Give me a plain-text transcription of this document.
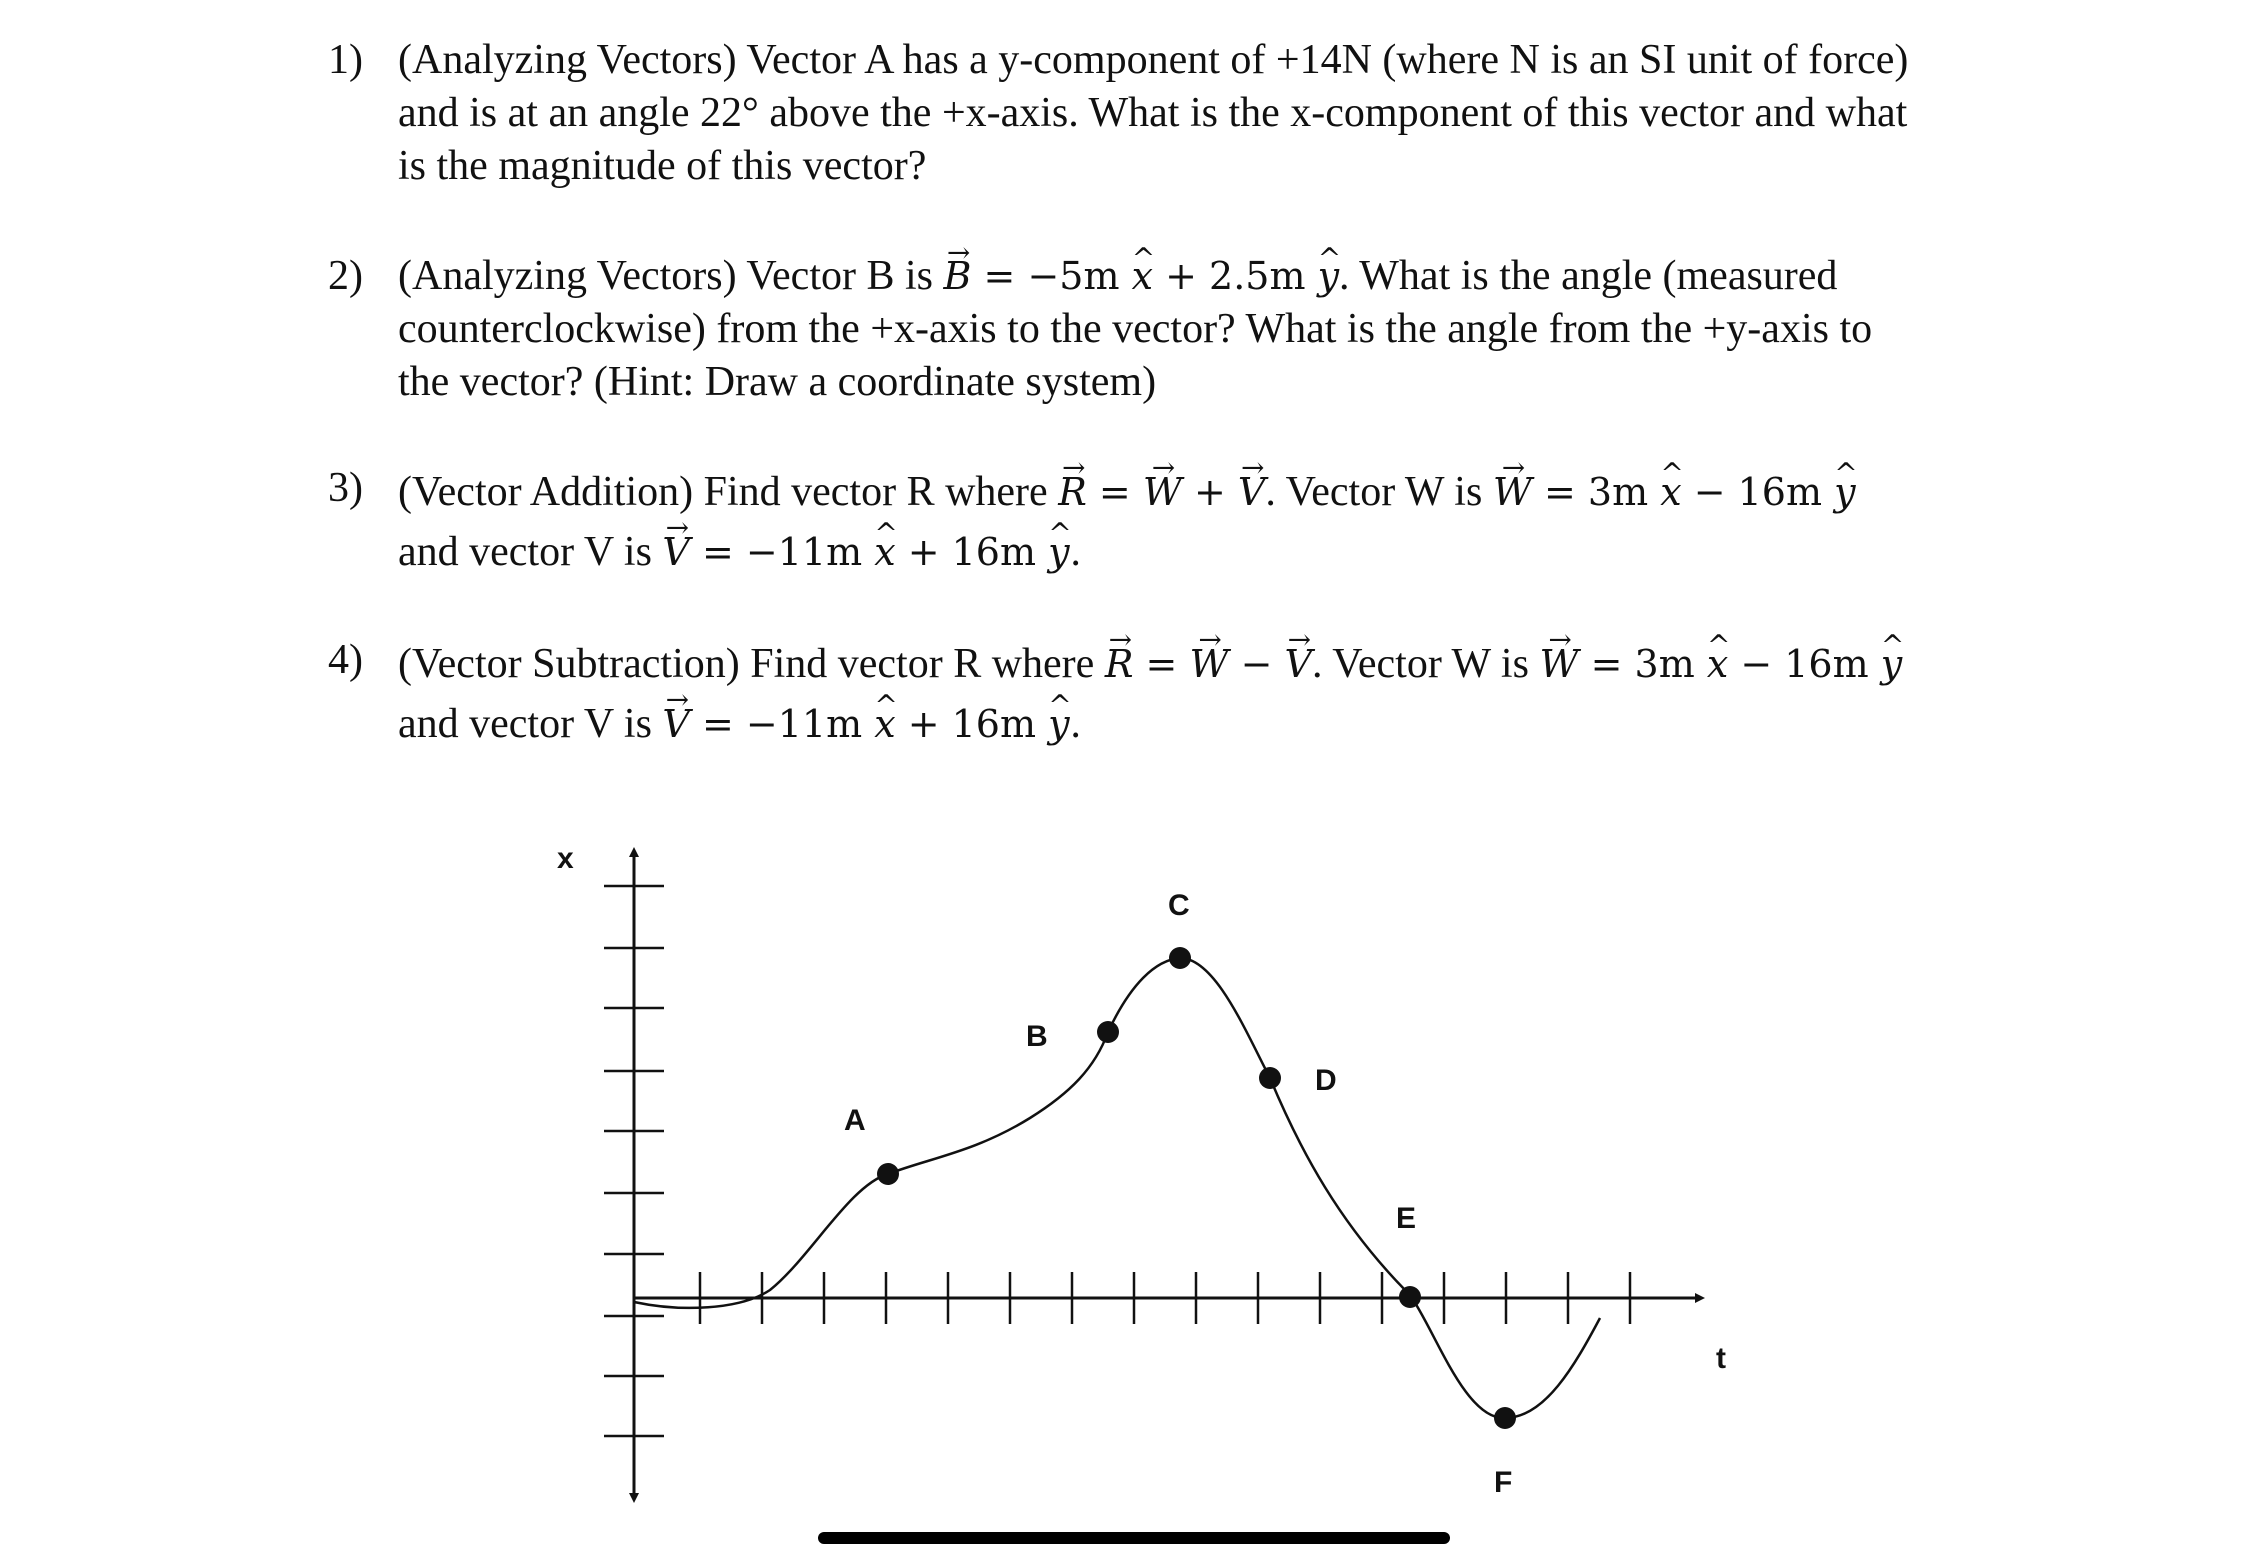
1) (Analyzing Vectors) Vector A has a y-component of +14N (where N is an SI unit of force)
and is at an angle 22° above the +x-axis. What is the x-component of this vector and what
is the magnitude of this vector?
2) (Analyzing Vectors) Vector B is B → = −5m x ^ + 2.5m y ^. What is the angle (measured
counterclockwise) from the +x-axis to the vector? What is the angle from the +y-axis to
the vector? (Hint: Draw a coordinate system)
3) (Vector Addition) Find vector R where R → = W → + V →. Vector W is W → = 3m x ^ − 16m y ^
and vector V is V → = −11m x ^ + 16m y ^.
4) (Vector Subtraction) Find vector R where R → = W → − V →. Vector W is W → = 3m x ^ − 16m y ^
and vector V is V → = −11m x ^ + 16m y ^.
x
t
A
B
C
D
E
F
